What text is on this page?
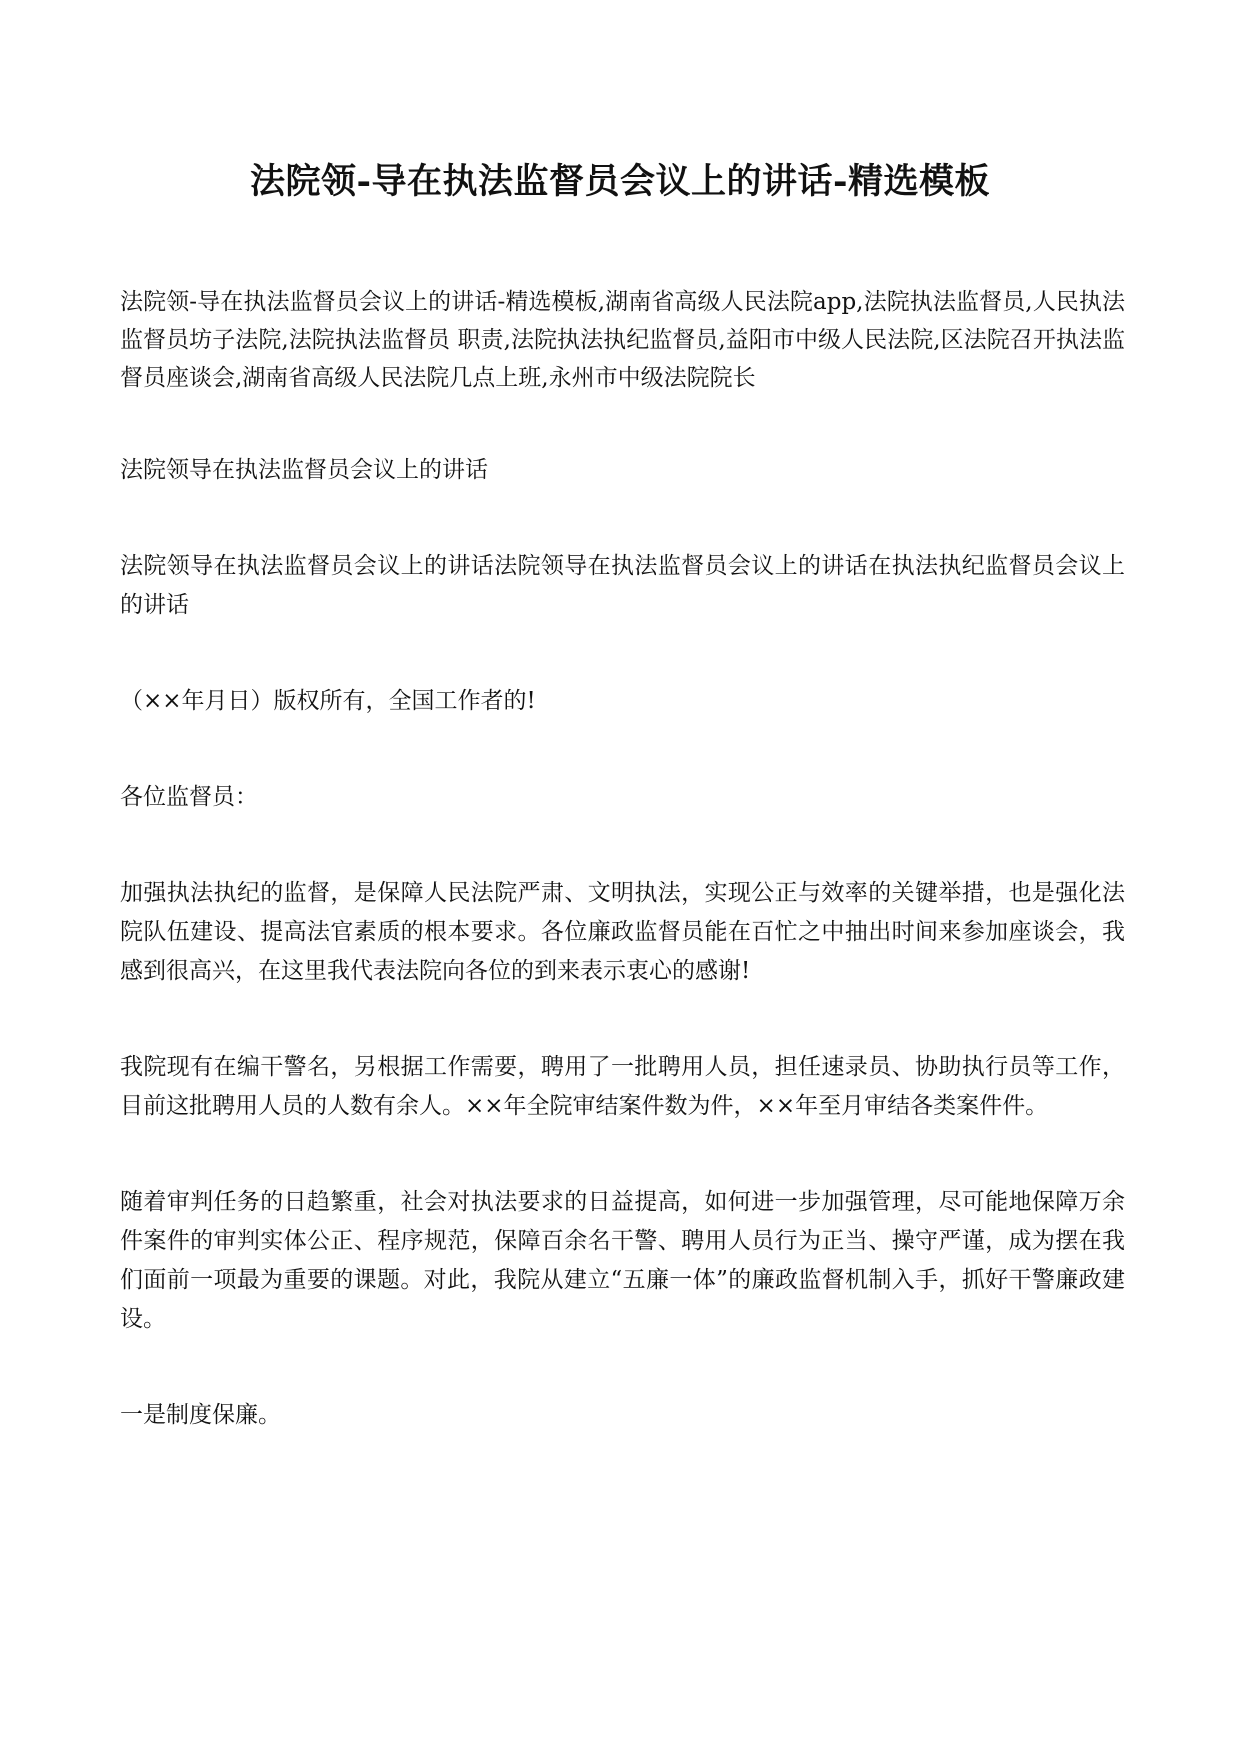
法院领-导在执法监督员会议上的讲话-精选模板

法院领-导在执法监督员会议上的讲话-精选模板,湖南省高级人民法院app,法院执法监督员,人民执法监督员坊子法院,法院执法监督员 职责,法院执法执纪监督员,益阳市中级人民法院,区法院召开执法监督员座谈会,湖南省高级人民法院几点上班,永州市中级法院院长

法院领导在执法监督员会议上的讲话

法院领导在执法监督员会议上的讲话法院领导在执法监督员会议上的讲话在执法执纪监督员会议上的讲话

（××年月日）版权所有，全国工作者的!

各位监督员：

加强执法执纪的监督，是保障人民法院严肃、文明执法，实现公正与效率的关键举措，也是强化法院队伍建设、提高法官素质的根本要求。各位廉政监督员能在百忙之中抽出时间来参加座谈会，我感到很高兴，在这里我代表法院向各位的到来表示衷心的感谢!

我院现有在编干警名，另根据工作需要，聘用了一批聘用人员，担任速录员、协助执行员等工作，目前这批聘用人员的人数有余人。××年全院审结案件数为件，××年至月审结各类案件件。

随着审判任务的日趋繁重，社会对执法要求的日益提高，如何进一步加强管理，尽可能地保障万余件案件的审判实体公正、程序规范，保障百余名干警、聘用人员行为正当、操守严谨，成为摆在我们面前一项最为重要的课题。对此，我院从建立“五廉一体”的廉政监督机制入手，抓好干警廉政建设。

一是制度保廉。
